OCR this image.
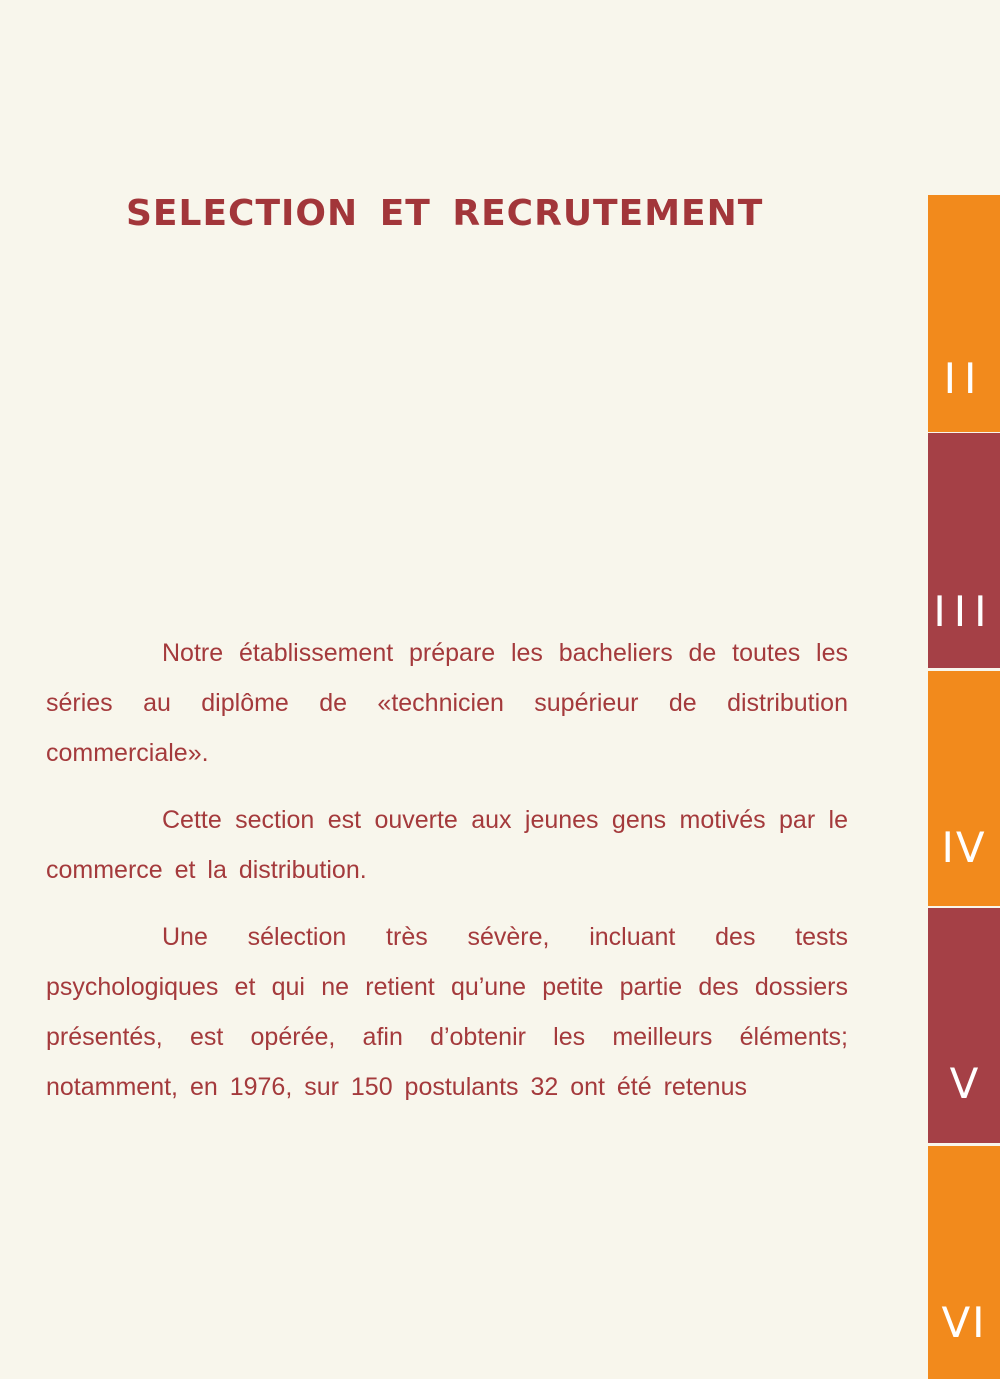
SELECTION ET RECRUTEMENT

Notre établissement prépare les bacheliers de toutes les séries au diplôme de «technicien supérieur de distribution commerciale».

Cette section est ouverte aux jeunes gens motivés par le commerce et la distribution.

Une sélection très sévère, incluant des tests psychologiques et qui ne retient qu’une petite partie des dossiers présentés, est opérée, afin d’obtenir les meilleurs éléments; notamment, en 1976, sur 150 postulants 32 ont été retenus

II
III
IV
V
VI
